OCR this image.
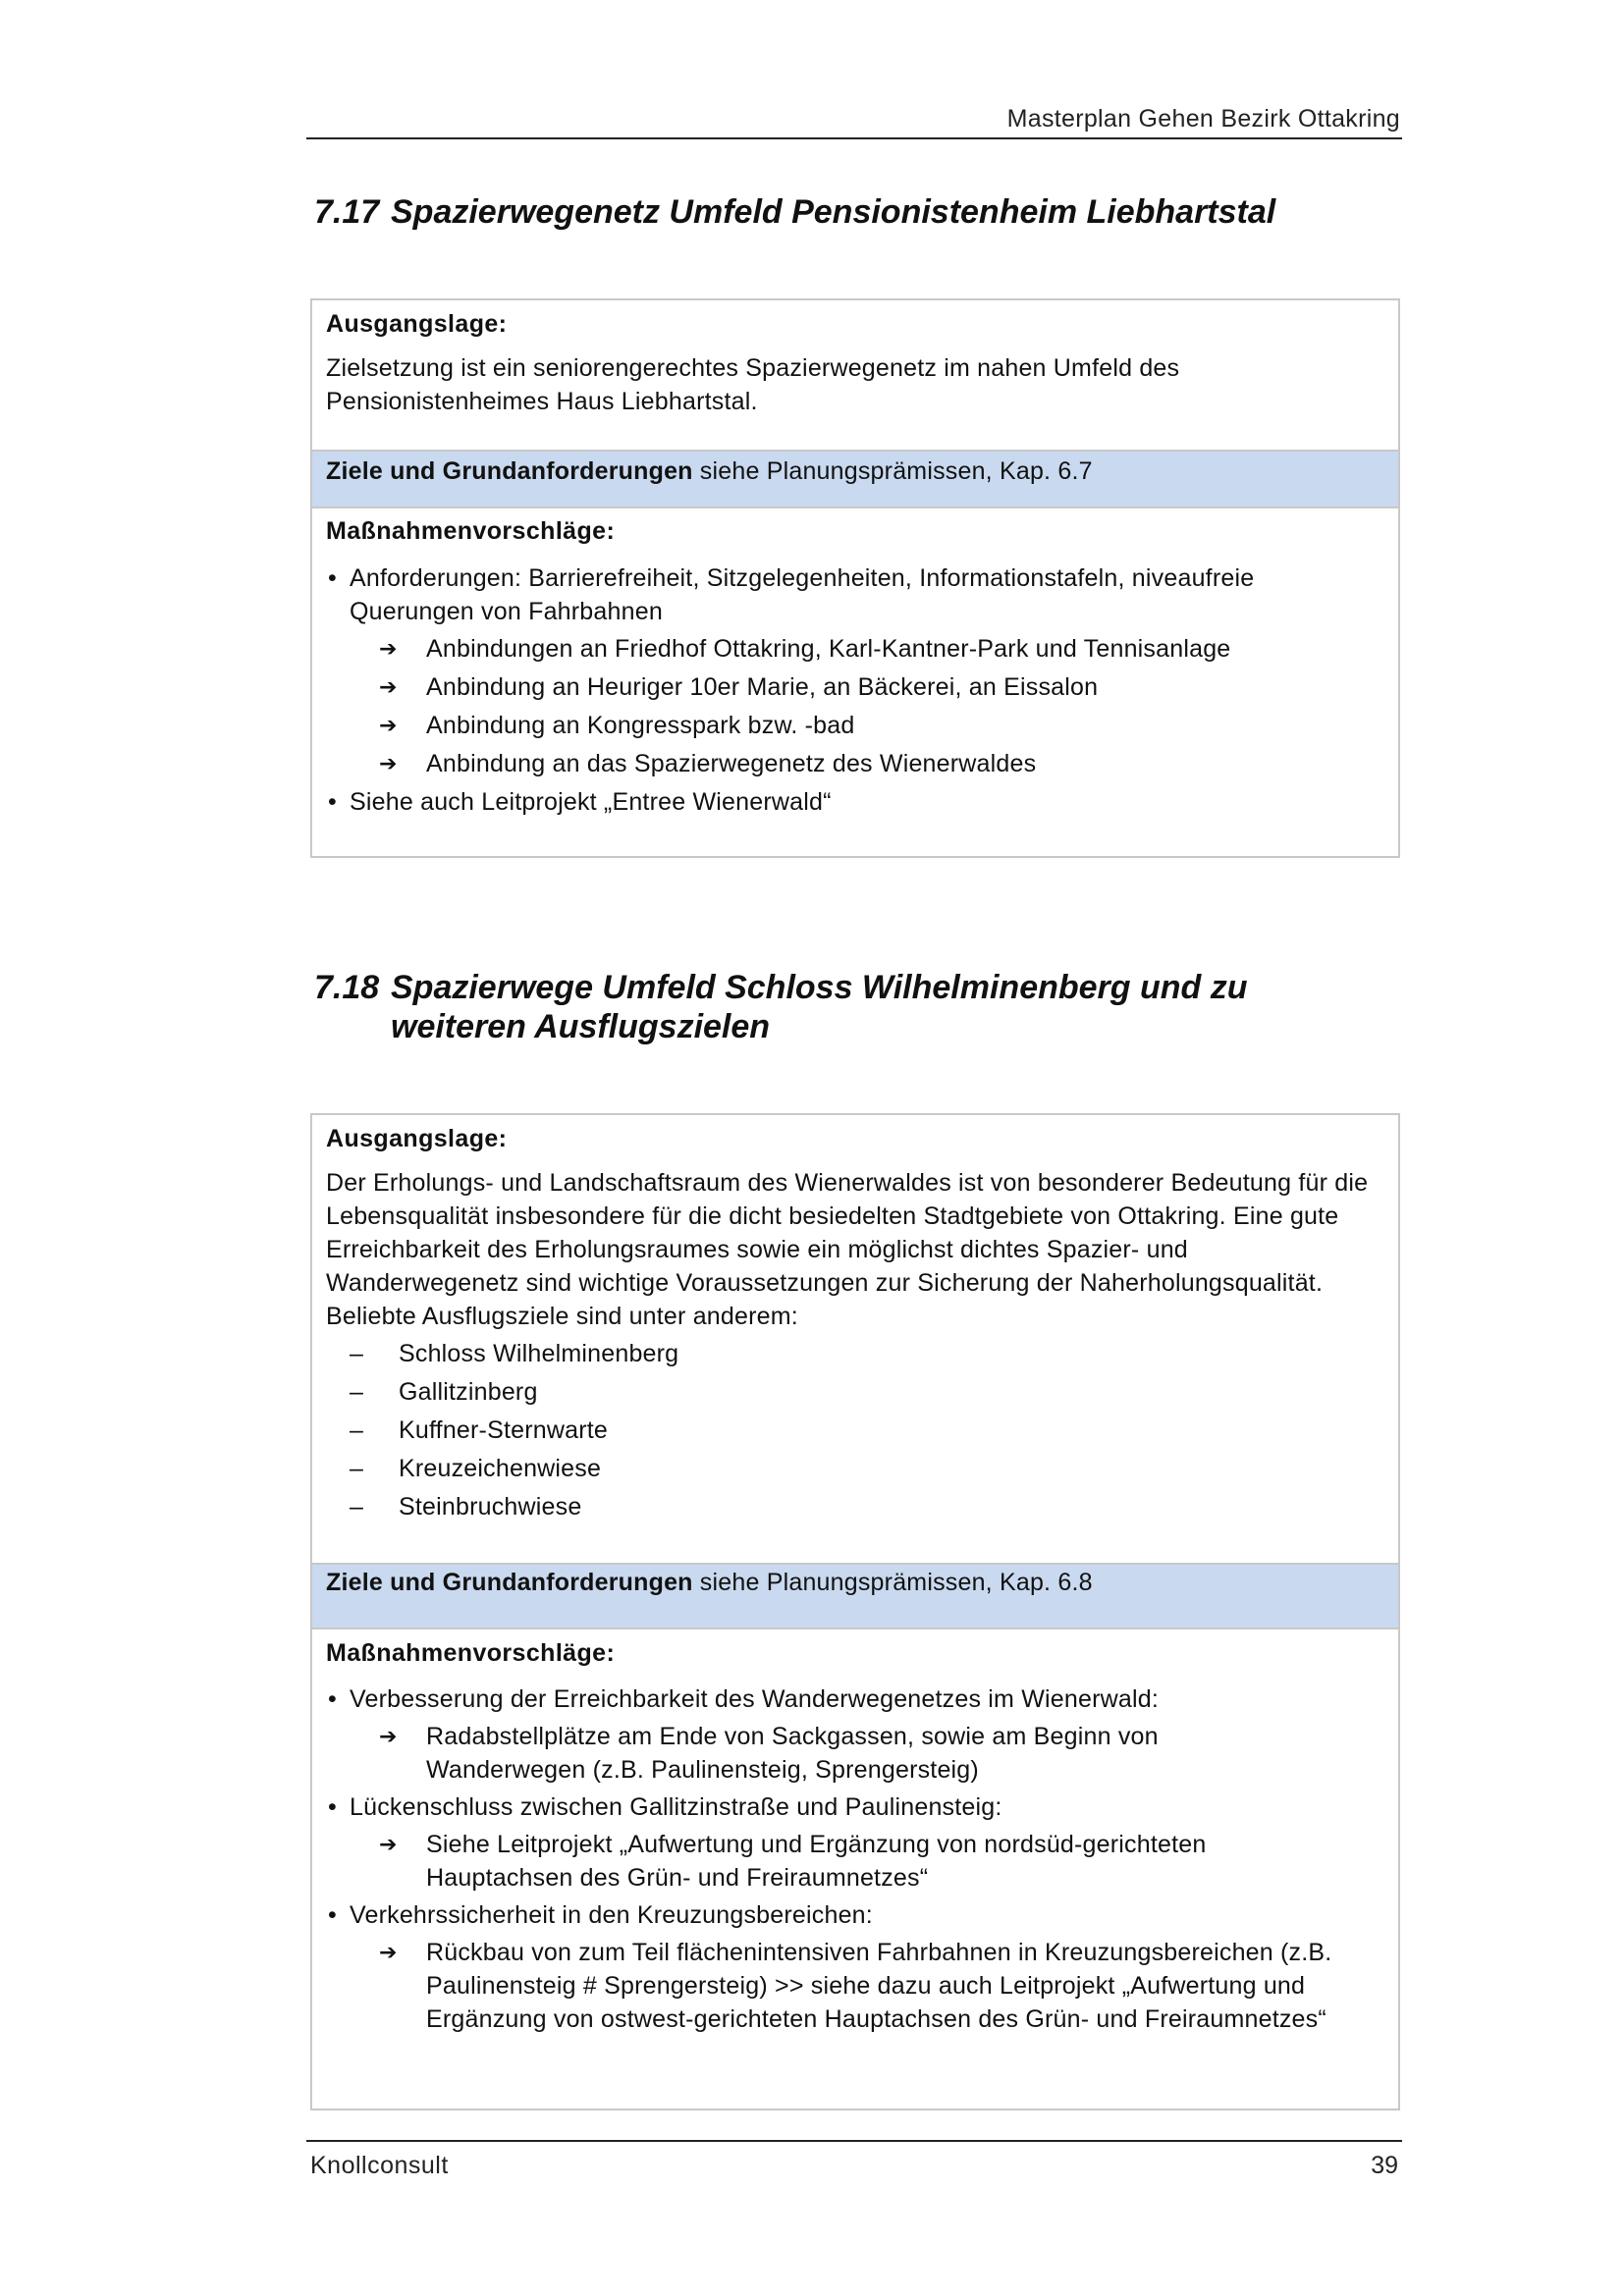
Masterplan Gehen Bezirk Ottakring
7.17 Spazierwegenetz Umfeld Pensionistenheim Liebhartstal
Ausgangslage:
Zielsetzung ist ein seniorengerechtes Spazierwegenetz im nahen Umfeld des Pensionistenheimes Haus Liebhartstal.
Ziele und Grundanforderungen siehe Planungsprämissen, Kap. 6.7
Maßnahmenvorschläge:
• Anforderungen: Barrierefreiheit, Sitzgelegenheiten, Informationstafeln, niveaufreie Querungen von Fahrbahnen
➔ Anbindungen an Friedhof Ottakring, Karl-Kantner-Park und Tennisanlage
➔ Anbindung an Heuriger 10er Marie, an Bäckerei, an Eissalon
➔ Anbindung an Kongresspark bzw. -bad
➔ Anbindung an das Spazierwegenetz des Wienerwaldes
• Siehe auch Leitprojekt „Entree Wienerwald“
7.18 Spazierwege Umfeld Schloss Wilhelminenberg und zu
weiteren Ausflugszielen
Ausgangslage:
Der Erholungs- und Landschaftsraum des Wienerwaldes ist von besonderer Bedeutung für die Lebensqualität insbesondere für die dicht besiedelten Stadtgebiete von Ottakring. Eine gute Erreichbarkeit des Erholungsraumes sowie ein möglichst dichtes Spazier- und Wanderwegenetz sind wichtige Voraussetzungen zur Sicherung der Naherholungsqualität. Beliebte Ausflugsziele sind unter anderem:
– Schloss Wilhelminenberg
– Gallitzinberg
– Kuffner-Sternwarte
– Kreuzeichenwiese
– Steinbruchwiese
Ziele und Grundanforderungen siehe Planungsprämissen, Kap. 6.8
Maßnahmenvorschläge:
• Verbesserung der Erreichbarkeit des Wanderwegenetzes im Wienerwald:
➔ Radabstellplätze am Ende von Sackgassen, sowie am Beginn von Wanderwegen (z.B. Paulinensteig, Sprengersteig)
• Lückenschluss zwischen Gallitzinstraße und Paulinensteig:
➔ Siehe Leitprojekt „Aufwertung und Ergänzung von nordsüd-gerichteten Hauptachsen des Grün- und Freiraumnetzes“
• Verkehrssicherheit in den Kreuzungsbereichen:
➔ Rückbau von zum Teil flächenintensiven Fahrbahnen in Kreuzungsbereichen (z.B. Paulinensteig # Sprengersteig) >> siehe dazu auch Leitprojekt „Aufwertung und Ergänzung von ostwest-gerichteten Hauptachsen des Grün- und Freiraumnetzes“
Knollconsult	39
